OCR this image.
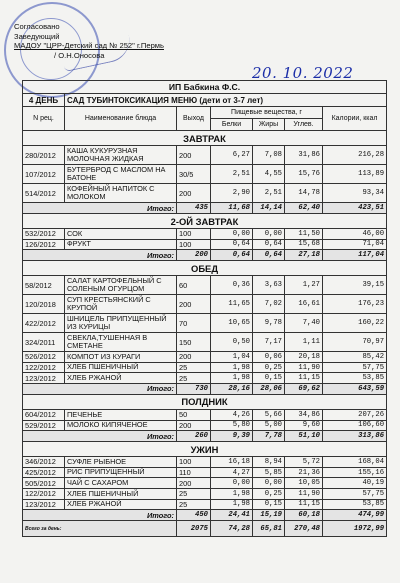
Согласовано
Заведующий
МАДОУ "ЦРР-Детский сад № 252" г.Пермь
/ О.Н.Оносова
20. 10. 2022
ИП Бабкина Ф.С.						
4 ДЕНЬ	САД ТУБИНТОКСИКАЦИЯ МЕНЮ (дети от 3-7 лет)					
N рец.	Наименование блюда	Выход	Пищевые вещества, г			Калории, ккал
			Белки	Жиры	Углев.	
ЗАВТРАК						
280/2012	КАША КУКУРУЗНАЯ МОЛОЧНАЯ ЖИДКАЯ	200	6,27	7,08	31,86	216,28
107/2012	БУТЕРБРОД С МАСЛОМ НА БАТОНЕ	30/5	2,51	4,55	15,76	113,89
514/2012	КОФЕЙНЫЙ НАПИТОК С МОЛОКОМ	200	2,90	2,51	14,78	93,34
Итого:		435	11,68	14,14	62,40	423,51
2-ОЙ ЗАВТРАК						
532/2012	СОК	100	0,00	0,00	11,50	46,00
126/2012	ФРУКТ	100	0,64	0,64	15,68	71,04
Итого:		200	0,64	0,64	27,18	117,04
ОБЕД						
58/2012	САЛАТ КАРТОФЕЛЬНЫЙ С СОЛЕНЫМ ОГУРЦОМ	60	0,36	3,63	1,27	39,15
120/2018	СУП КРЕСТЬЯНСКИЙ С КРУПОЙ	200	11,65	7,02	16,61	176,23
422/2012	ШНИЦЕЛЬ ПРИПУЩЕННЫЙ ИЗ КУРИЦЫ	70	10,65	9,78	7,40	160,22
324/2011	СВЕКЛА,ТУШЕННАЯ В СМЕТАНЕ	150	0,50	7,17	1,11	70,97
526/2012	КОМПОТ ИЗ КУРАГИ	200	1,04	0,06	20,18	85,42
122/2012	ХЛЕБ ПШЕНИЧНЫЙ	25	1,98	0,25	11,90	57,75
123/2012	ХЛЕБ РЖАНОЙ	25	1,98	0,15	11,15	53,85
Итого:		730	28,16	28,06	69,62	643,59
ПОЛДНИК						
604/2012	ПЕЧЕНЬЕ	50	4,26	5,66	34,86	207,26
529/2012	МОЛОКО КИПЯЧЕНОЕ	200	5,80	5,00	9,60	106,60
Итого:		260	9,39	7,78	51,10	313,86
УЖИН						
346/2012	СУФЛЕ РЫБНОЕ	100	16,18	8,94	5,72	168,04
425/2012	РИС ПРИПУЩЕННЫЙ	110	4,27	5,85	21,36	155,16
505/2012	ЧАЙ С САХАРОМ	200	0,00	0,00	10,05	40,19
122/2012	ХЛЕБ ПШЕНИЧНЫЙ	25	1,98	0,25	11,90	57,75
123/2012	ХЛЕБ РЖАНОЙ	25	1,98	0,15	11,15	53,85
Итого:		450	24,41	15,19	60,18	474,99
Всего за день:		2075	74,28	65,81	270,48	1972,99
